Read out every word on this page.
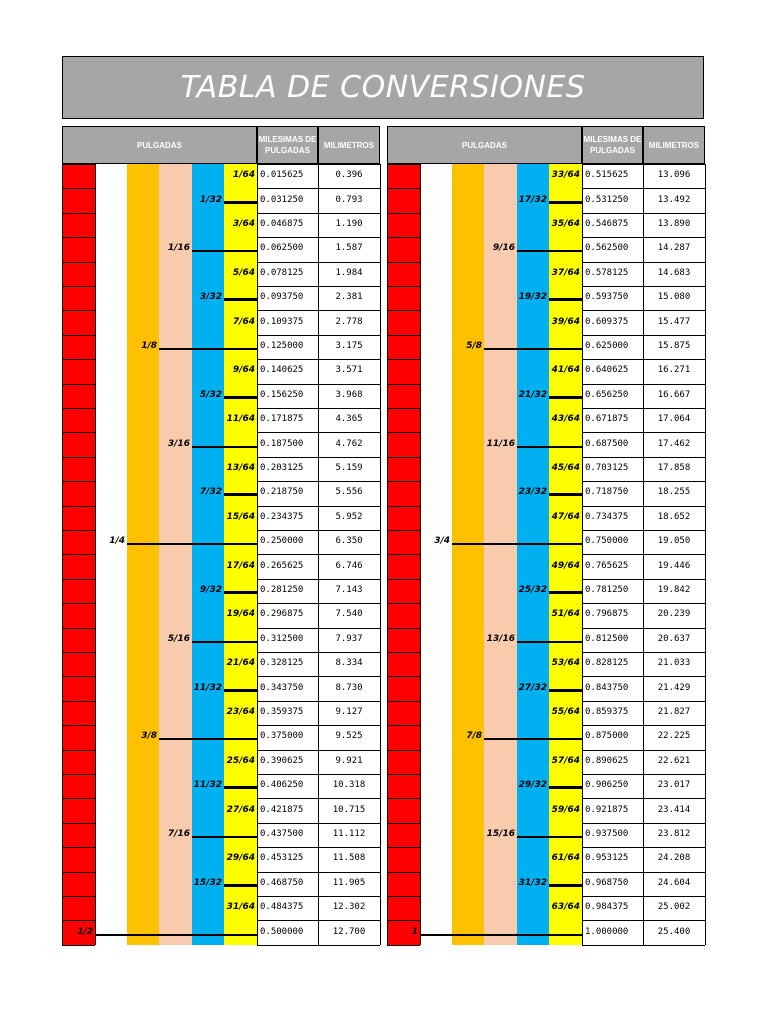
TABLA DE CONVERSIONES
PULGADAS
MILESIMAS DE
PULGADAS
MILIMETROS
1/64 0.015625	0.396
1/32	0.031250	0.793
3/64 0.046875	1.190
1/16	0.062500	1.587
5/64 0.078125	1.984
3/32	0.093750	2.381
7/64 0.109375	2.778
1/8	0.125000	3.175
9/64 0.140625	3.571
5/32	0.156250	3.968
11/64 0.171875	4.365
3/16	0.187500	4.762
13/64 0.203125	5.159
7/32	0.218750	5.556
15/64 0.234375	5.952
1/4	0.250000	6.350
17/64 0.265625	6.746
9/32	0.281250	7.143
19/64 0.296875	7.540
5/16	0.312500	7.937
21/64 0.328125	8.334
11/32	0.343750	8.730
23/64 0.359375	9.127
3/8	0.375000	9.525
25/64 0.390625	9.921
11/32	0.406250	10.318
27/64 0.421875	10.715
7/16	0.437500	11.112
29/64 0.453125	11.508
15/32	0.468750	11.905
31/64 0.484375	12.302
1/2	0.500000	12.700
PULGADAS
MILESIMAS DE
PULGADAS
MILIMETROS
33/64 0.515625	13.096
17/32	0.531250	13.492
35/64 0.546875	13.890
9/16	0.562500	14.287
37/64 0.578125	14.683
19/32	0.593750	15.080
39/64 0.609375	15.477
5/8	0.625000	15.875
41/64 0.640625	16.271
21/32	0.656250	16.667
43/64 0.671875	17.064
11/16	0.687500	17.462
45/64 0.703125	17.858
23/32	0.718750	18.255
47/64 0.734375	18.652
3/4	0.750000	19.050
49/64 0.765625	19.446
25/32	0.781250	19.842
51/64 0.796875	20.239
13/16	0.812500	20.637
53/64 0.828125	21.033
27/32	0.843750	21.429
55/64 0.859375	21.827
7/8	0.875000	22.225
57/64 0.890625	22.621
29/32	0.906250	23.017
59/64 0.921875	23.414
15/16	0.937500	23.812
61/64 0.953125	24.208
31/32	0.968750	24.604
63/64 0.984375	25.002
1	1.000000	25.400
